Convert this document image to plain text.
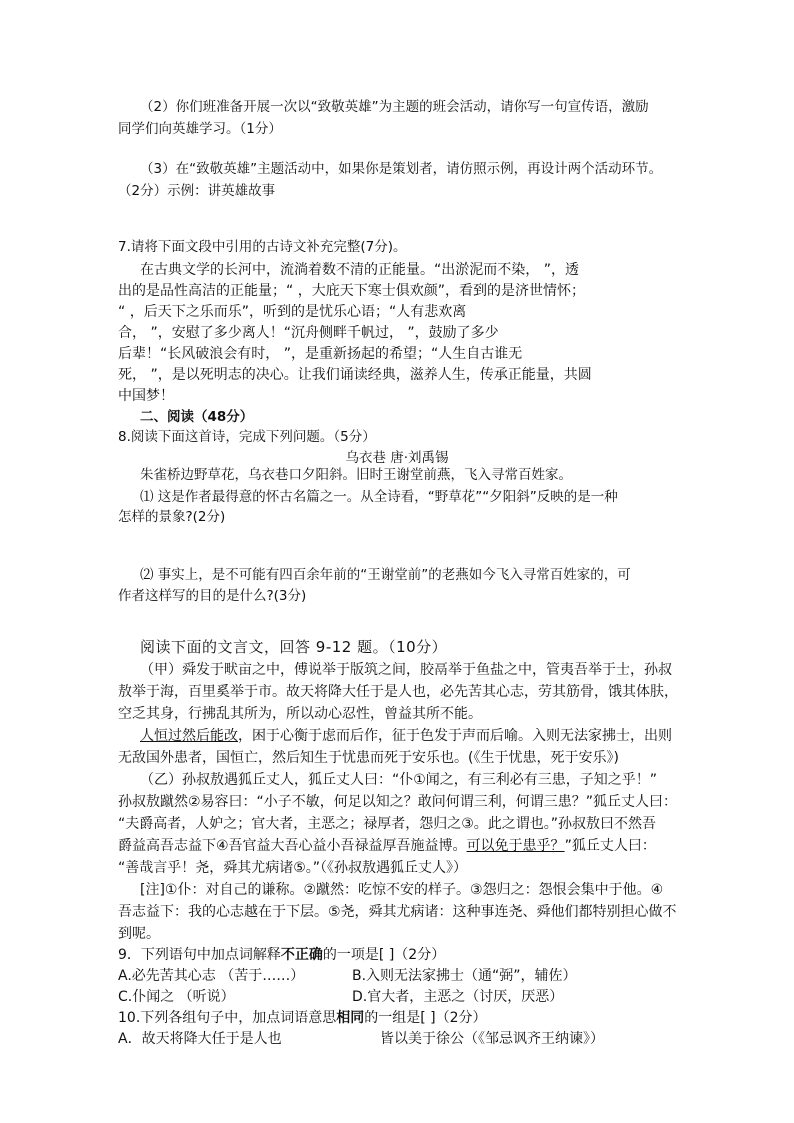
（2）你们班准备开展一次以“致敬英雄”为主题的班会活动，请你写一句宣传语，激励
同学们向英雄学习。（1分）
（3）在“致敬英雄”主题活动中，如果你是策划者，请仿照示例，再设计两个活动环节。
（2分）示例：讲英雄故事
7.请将下面文段中引用的古诗文补充完整(7分)。
在古典文学的长河中，流淌着数不清的正能量。“出淤泥而不染， ”，透
出的是品性高洁的正能量；“ ，大庇天下寒士俱欢颜”，看到的是济世情怀；
“ ，后天下之乐而乐”，听到的是忧乐心语；“人有悲欢离
合， ”，安慰了多少离人！“沉舟侧畔千帆过， ”，鼓励了多少
后辈！“长风破浪会有时， ”，是重新扬起的希望；“人生自古谁无
死， ”，是以死明志的决心。让我们诵读经典，滋养人生，传承正能量，共圆
中国梦！
二、阅读（48分）
8.阅读下面这首诗，完成下列问题。（5分）
乌衣巷 唐·刘禹锡
朱雀桥边野草花，乌衣巷口夕阳斜。旧时王谢堂前燕，飞入寻常百姓家。
⑴ 这是作者最得意的怀古名篇之一。从全诗看，“野草花”“夕阳斜”反映的是一种
怎样的景象?(2分)
⑵ 事实上，是不可能有四百余年前的“王谢堂前”的老燕如今飞入寻常百姓家的，可
作者这样写的目的是什么?(3分)
阅读下面的文言文，回答 9-12 题。（10分）
（甲）舜发于畎亩之中，傅说举于版筑之间，胶鬲举于鱼盐之中，管夷吾举于士，孙叔
敖举于海，百里奚举于市。故天将降大任于是人也，必先苦其心志，劳其筋骨，饿其体肤，
空乏其身，行拂乱其所为，所以动心忍性，曾益其所不能。
人恒过然后能改，困于心衡于虑而后作，征于色发于声而后喻。入则无法家拂士，出则
无敌国外患者，国恒亡，然后知生于忧患而死于安乐也。(《生于忧患，死于安乐》)
（乙）孙叔敖遇狐丘丈人，狐丘丈人曰：“仆①闻之，有三利必有三患，子知之乎！”
孙叔敖蹴然②易容曰：“小子不敏，何足以知之？敢问何谓三利，何谓三患？”狐丘丈人曰：
“夫爵高者，人妒之；官大者，主恶之；禄厚者，怨归之③。此之谓也。”孙叔敖曰不然吾
爵益高吾志益下④吾官益大吾心益小吾禄益厚吾施益博。可以免于患乎？”狐丘丈人曰：
“善哉言乎！尧，舜其尤病诸⑤。”（《孙叔敖遇狐丘丈人》）
[注]①仆：对自己的谦称。②蹴然：吃惊不安的样子。③怨归之：怨恨会集中于他。④
吾志益下：我的心志越在于下层。⑤尧，舜其尤病诸：这种事连尧、舜他们都特别担心做不
到呢。
9．下列语句中加点词解释不正确的一项是[ ]（2分）
A.必先苦其心志 （苦于……）	B.入则无法家拂士（通“弼”，辅佐）
C.仆闻之 （听说）	D.官大者，主恶之（讨厌，厌恶）
10.下列各组句子中，加点词语意思相同的一组是[ ]（2分）
A．故天将降大任于是人也	皆以美于徐公（《邹忌讽齐王纳谏》）
